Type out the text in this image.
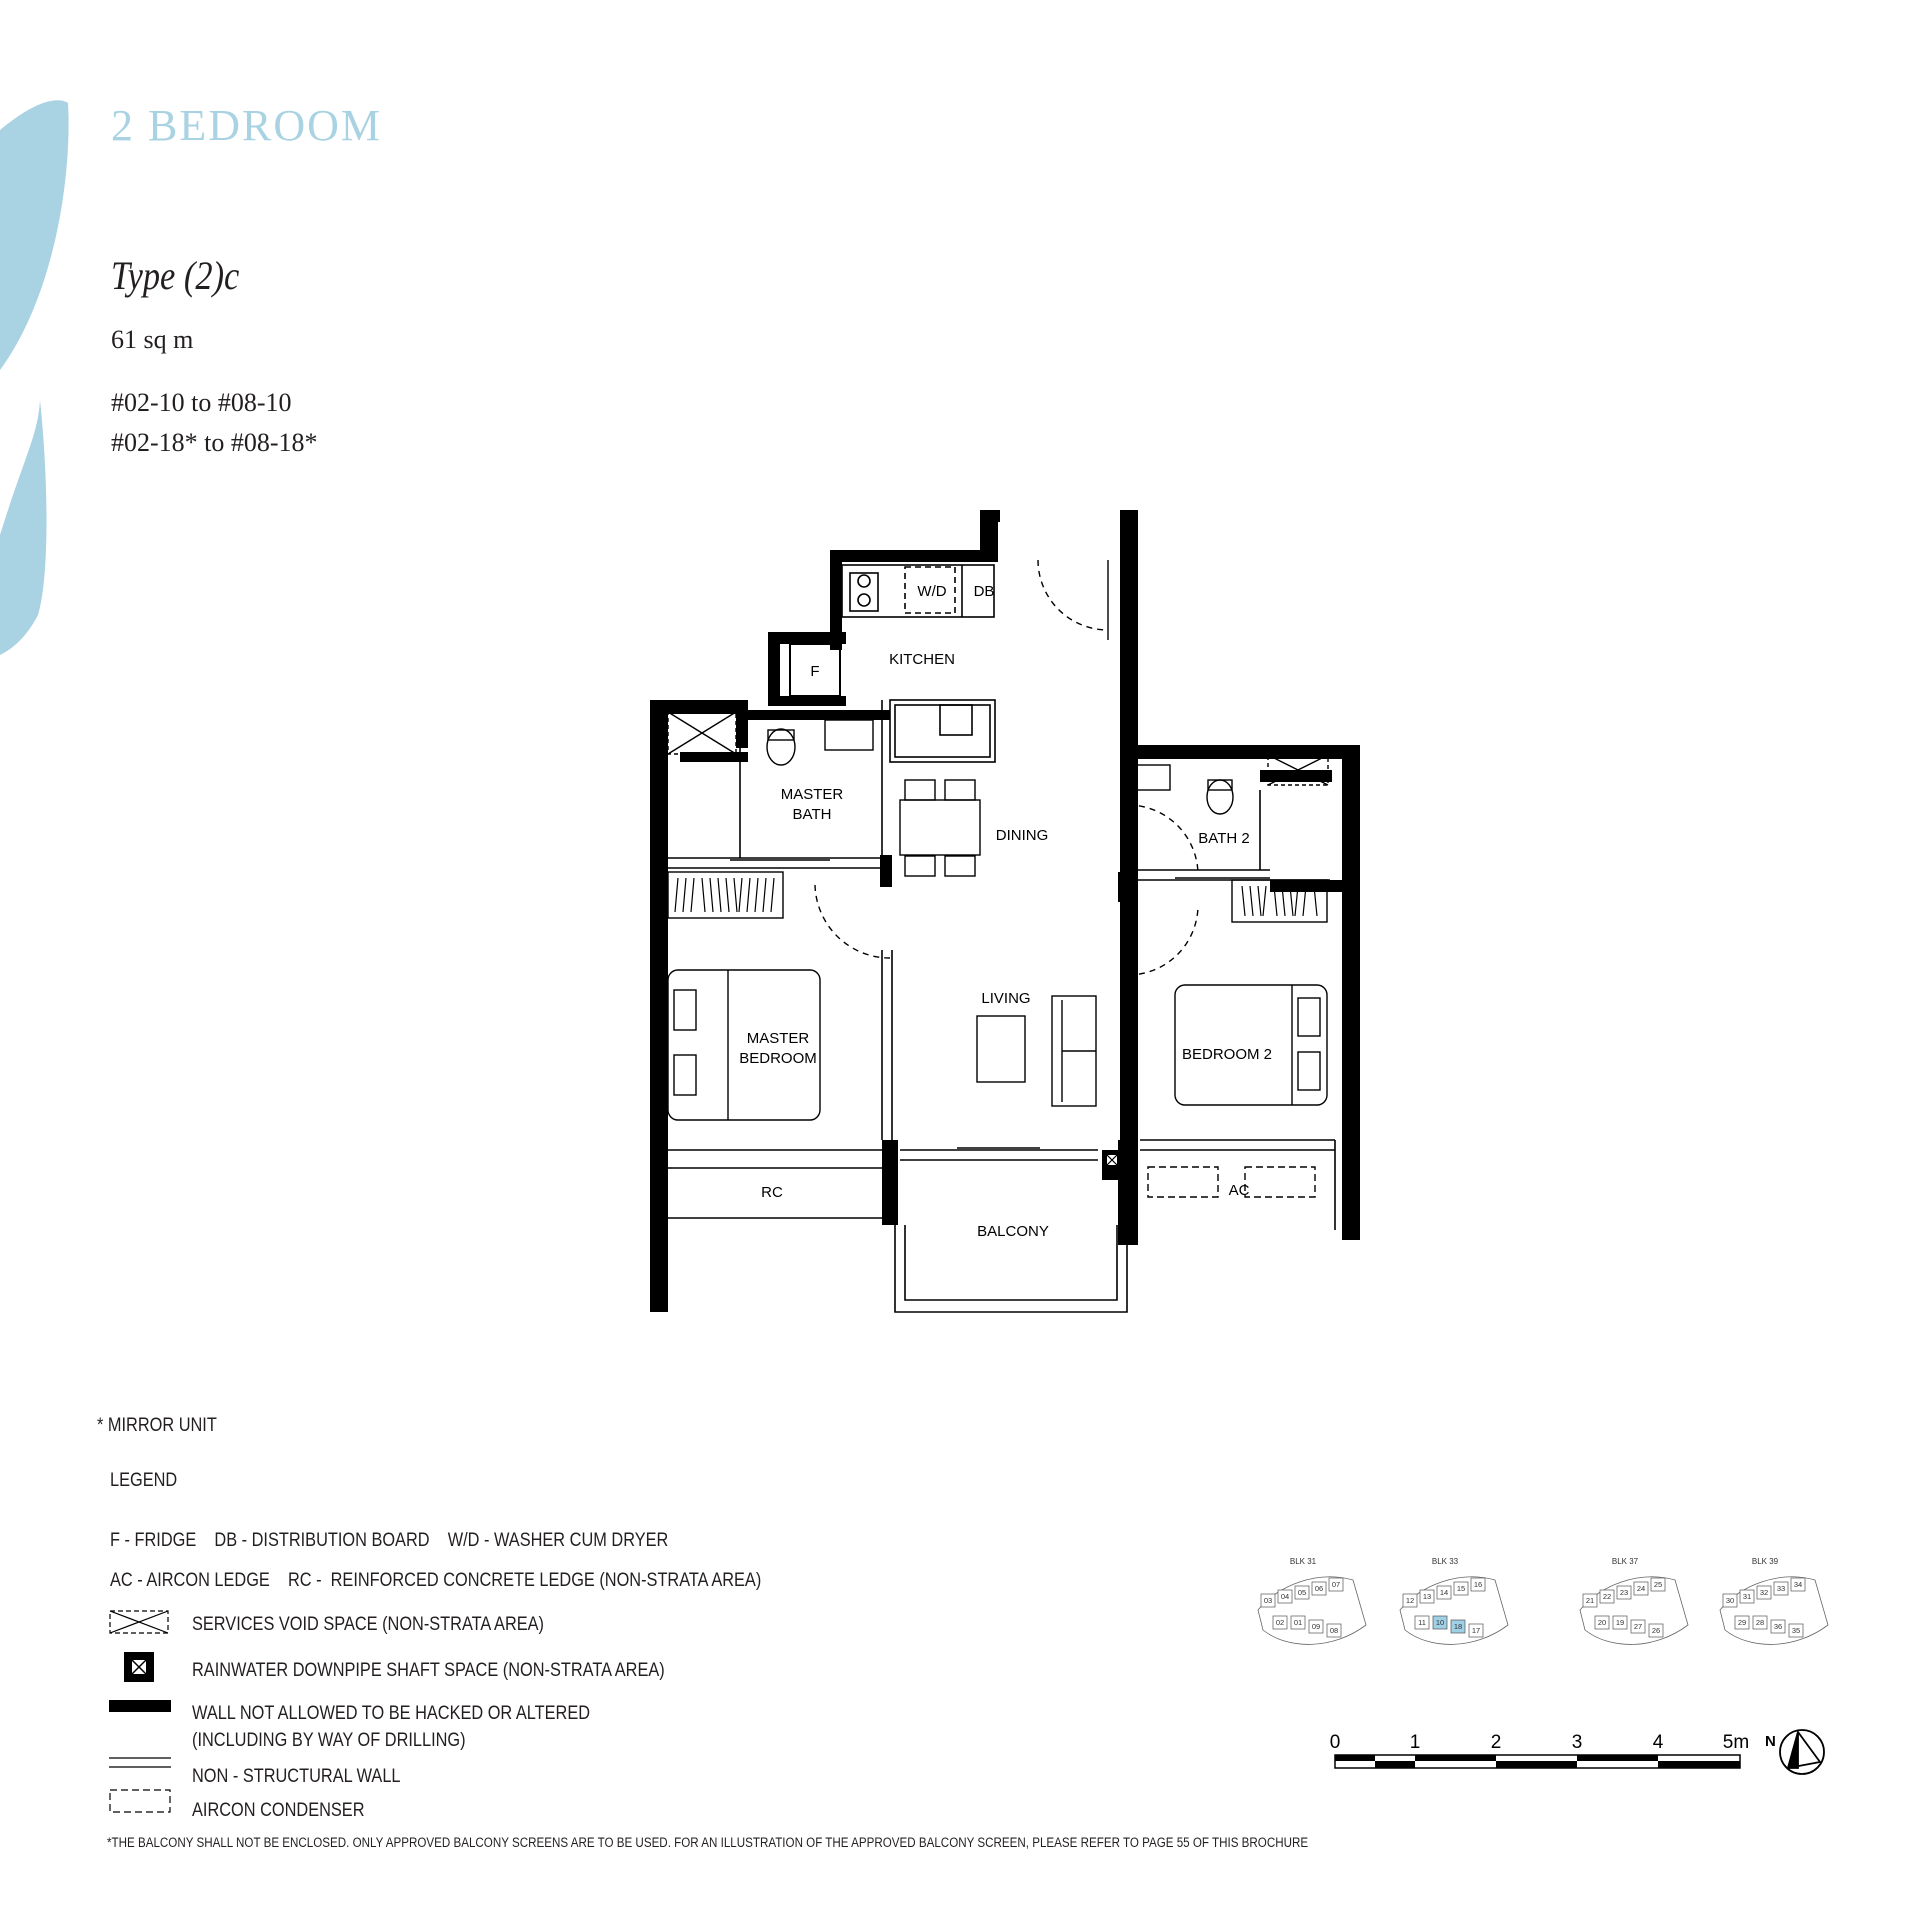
2 BEDROOM
Type (2)c
61 sq m
#02-10 to #08-10
#02-18* to #08-18*
F
W/D DB
KITCHEN
MASTER
BATH
DINING	BATH 2
LIVING
MASTER
BEDROOM	BEDROOM 2
RC	AC
BALCONY
* MIRROR UNIT
LEGEND
F - FRIDGE    DB - DISTRIBUTION BOARD    W/D - WASHER CUM DRYER
AC - AIRCON LEDGE    RC -  REINFORCED CONCRETE LEDGE (NON-STRATA AREA)
SERVICES VOID SPACE (NON-STRATA AREA)
RAINWATER DOWNPIPE SHAFT SPACE (NON-STRATA AREA)
WALL NOT ALLOWED TO BE HACKED OR ALTERED
(INCLUDING BY WAY OF DRILLING)
NON - STRUCTURAL WALL
AIRCON CONDENSER
*THE BALCONY SHALL NOT BE ENCLOSED. ONLY APPROVED BALCONY SCREENS ARE TO BE USED. FOR AN ILLUSTRATION OF THE APPROVED BALCONY SCREEN, PLEASE REFER TO PAGE 55 OF THIS BROCHURE
BLK 31
03 04 05 06 07
02 01 09 08
BLK 33
12 13 14 15 16
11 10 18 17
BLK 37
21 22 23 24 25
20 19 27 26
BLK 39
30 31 32 33 34
29 28 36 35
N
0	1	2	3	4	5m
